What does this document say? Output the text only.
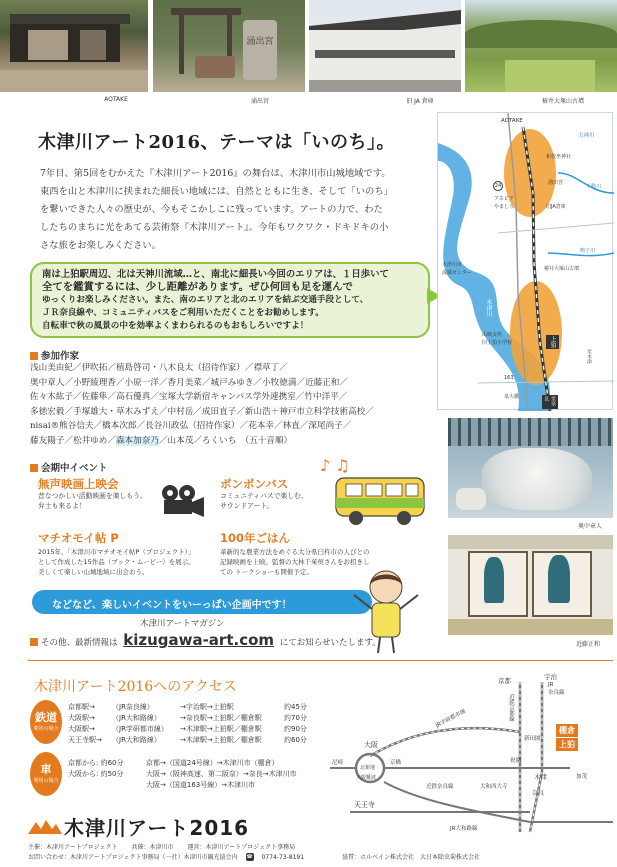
AOTAKE
涌出宮
涌出宮	旧 JA 倉庫	椿井大塚山古墳
木津川アート2016、テーマは「いのち」。
7年目、第5回をむかえた『木津川アート2016』の舞台は、木津川市山城地域です。
東西を山と木津川に挟まれた細長い地域には、自然とともに生き、そして「いのち」
を繋いできた人々の歴史が、今もそこかしこに残っています。アートの力で、わた
したちのまちに光をあてる芸術祭『木津川アート』。今年もワクワク・ドキドキの小
さな旅をお楽しみください。
南は上狛駅周辺、北は天神川流域…と、南北に細長い今回のエリアは、１日歩いて
全てを鑑賞するには、少し距離があります。ぜひ何回も足を運んで
ゆっくりお楽しみください。また、南のエリアと北のエリアを結ぶ交通手段として、
ＪＲ奈良線や、コミュニティバスをご利用いただくことをお勧めします。
自転車で秋の風景の中を効率よくまわられるのもおもしろいですよ！
AOTAKE
天神川
和伎坐神社
湧出宮
不動川
旧JA倉庫
アスピア
やましろ
24
鳴子川
木津川市
流域センター
椿井大塚山古墳
木津川
山城支所
旧上狛小学校	上狛
至木津
163
泉大橋	至奈良
参加作家
浅山美由紀／伊吹拓／植島啓司・八木良太（招待作家）／襟草丁／
奥中章人／小野綾理香／小原一洋／香月美菜／城戸みゆき／小牧徳満／近藤正和／
佐々木紘子／佐藤隼／高石優真／宝塚大学新宿キャンパス学外連携室／竹中洋平／
多徳宏毅／手塚雄大・草木みずえ／中村岳／成田直子／新山浩＋神戸市立科学技術高校／
nisai®熊谷信夫／橋本次郎／長谷川政弘（招待作家）／花本幸／林直／深尾尚子／
藤友陽子／松井ゆめ／森本加奈乃／山本茂／ろくいち　（五十音順）
奥中章人
近藤正和
会期中イベント
無声映画上映会
昔なつかしい活動映画を楽しもう。
弁士も来るよ！
ポンポンバス
コミュニティバスで楽しむ、
サウンドアート。
♪ ♫
マチオモイ帖 P
2015年、「木津川市マチオモイ帖P（プロジェクト）」
として作成した15作品（ブック・ムービー）を展示。
美しくて楽しい山城地域に出会おう。
100年ごはん
革新的な農業方法をめぐる大分県臼杵市の人びとの
記録映画を上映。監督の大林千茱萸さんをお招きし
ての トークショーも開催予定。
などなど、楽しいイベントをいーっぱい企画中です！
木津川アートマガジン
その他、最新情報は kizugawa-art.com にてお知らせいたします。
木津川アート2016へのアクセス
鉄道
利用の場合
京都駅→	（JR奈良線）	→宇治駅→上狛駅	約45分
大阪駅→	（JR大和路線）	→奈良駅→上狛駅／棚倉駅	約70分
大阪駅→	（JR学研都市線）	→木津駅→上狛駅／棚倉駅	約90分
天王寺駅→	（JR大和路線）	→木津駅→上狛駅／棚倉駅	約60分
車
利用の場合
京都から: 約60分
大阪から: 約50分
京都→（国道24号線）→木津川市（棚倉）
大阪→（阪神高速、第二阪奈）→奈良→木津川市
大阪→（国道163号線）→木津川市
京都	宇治
JR
奈良線
近鉄京都線
JR学研都市線
新田園
棚倉
上狛
大阪
北新地
大阪難波
尼崎	京橋	祝園
木津	加茂
近鉄奈良線	大和西大寺
奈良
天王寺
JR大和路線
木津川アート2016
主催：木津川アートプロジェクト 共催：木津川市 運営：木津川アートプロジェクト事務局
お問い合わせ：木津川アートプロジェクト事務局（一社）木津川市観光協会内 ☎ 0774-73-8191	協賛：ホルベイン株式会社　大日本除虫菊株式会社
